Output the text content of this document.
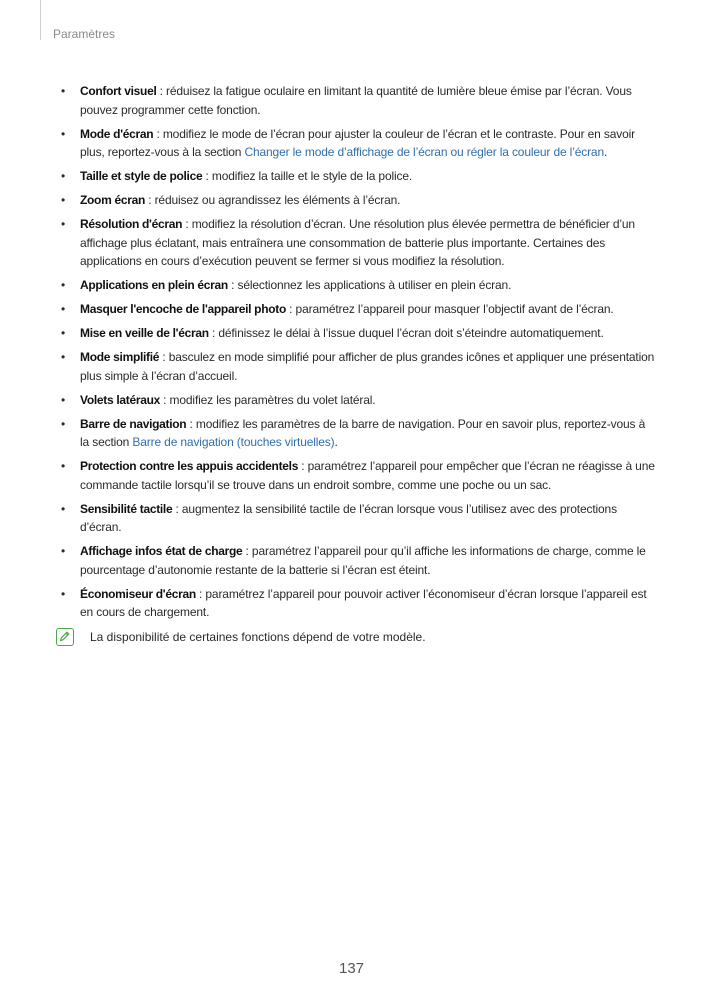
Paramètres
• Confort visuel : réduisez la fatigue oculaire en limitant la quantité de lumière bleue émise par l’écran. Vous pouvez programmer cette fonction.
• Mode d'écran : modifiez le mode de l’écran pour ajuster la couleur de l’écran et le contraste. Pour en savoir plus, reportez-vous à la section Changer le mode d’affichage de l’écran ou régler la couleur de l’écran.
• Taille et style de police : modifiez la taille et le style de la police.
• Zoom écran : réduisez ou agrandissez les éléments à l’écran.
• Résolution d'écran : modifiez la résolution d’écran. Une résolution plus élevée permettra de bénéficier d’un affichage plus éclatant, mais entraînera une consommation de batterie plus importante. Certaines des applications en cours d’exécution peuvent se fermer si vous modifiez la résolution.
• Applications en plein écran : sélectionnez les applications à utiliser en plein écran.
• Masquer l'encoche de l'appareil photo : paramétrez l’appareil pour masquer l’objectif avant de l’écran.
• Mise en veille de l'écran : définissez le délai à l’issue duquel l’écran doit s’éteindre automatiquement.
• Mode simplifié : basculez en mode simplifié pour afficher de plus grandes icônes et appliquer une présentation plus simple à l’écran d’accueil.
• Volets latéraux : modifiez les paramètres du volet latéral.
• Barre de navigation : modifiez les paramètres de la barre de navigation. Pour en savoir plus, reportez-vous à la section Barre de navigation (touches virtuelles).
• Protection contre les appuis accidentels : paramétrez l’appareil pour empêcher que l’écran ne réagisse à une commande tactile lorsqu’il se trouve dans un endroit sombre, comme une poche ou un sac.
• Sensibilité tactile : augmentez la sensibilité tactile de l’écran lorsque vous l’utilisez avec des protections d’écran.
• Affichage infos état de charge : paramétrez l’appareil pour qu’il affiche les informations de charge, comme le pourcentage d’autonomie restante de la batterie si l’écran est éteint.
• Économiseur d'écran : paramétrez l’appareil pour pouvoir activer l’économiseur d’écran lorsque l’appareil est en cours de chargement.
La disponibilité de certaines fonctions dépend de votre modèle.
137
